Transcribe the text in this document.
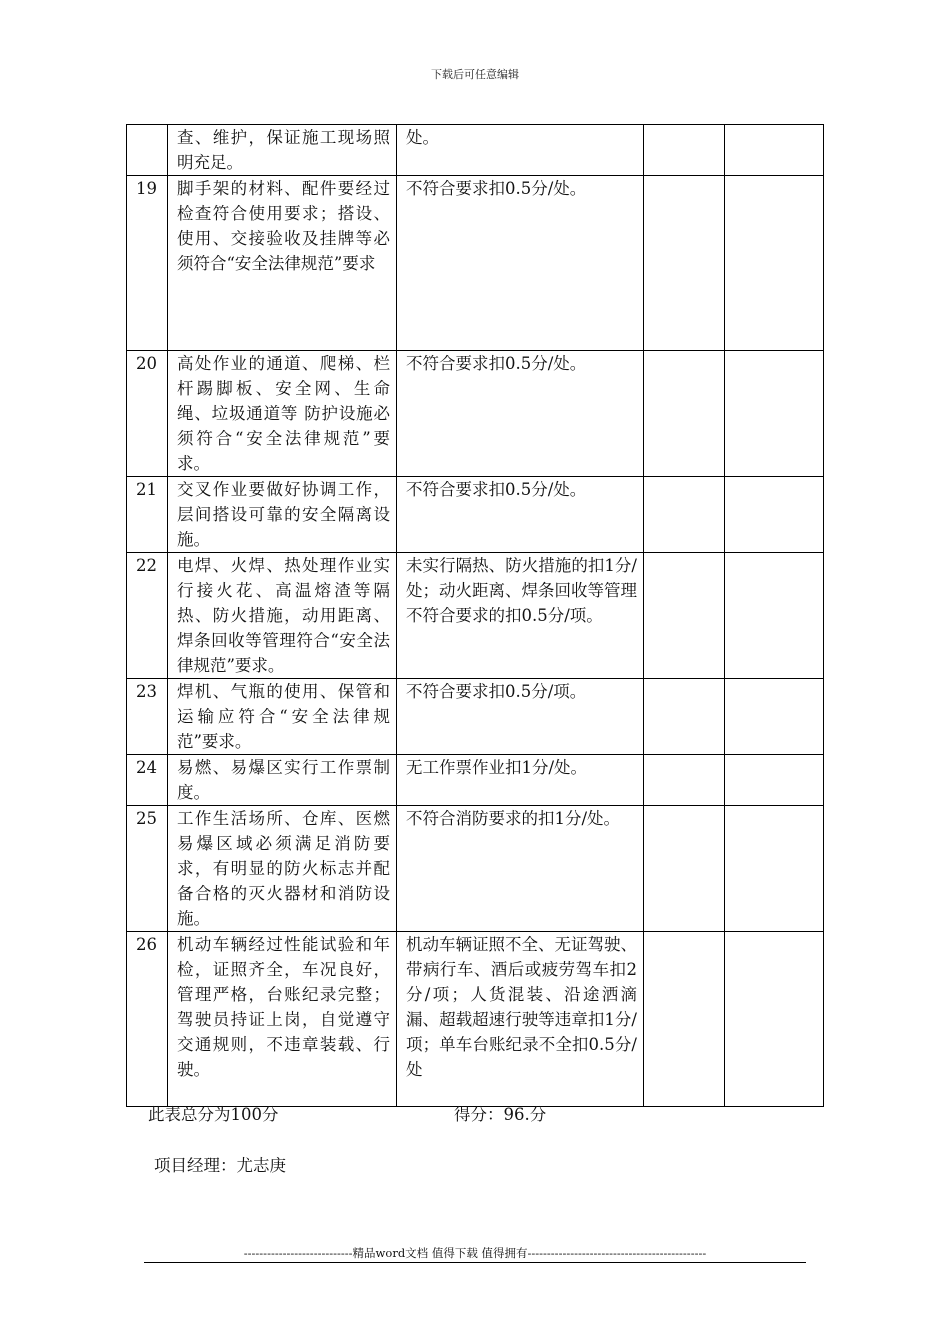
下载后可任意编辑
	查、维护，保证施工现场照明充足。	处。		
19	脚手架的材料、配件要经过检查符合使用要求；搭设、使用、交接验收及挂牌等必须符合“安全法律规范”要求	不符合要求扣0.5分/处。		
20	高处作业的通道、爬梯、栏杆踢脚板、安全网、生命绳、垃圾通道等 防护设施必须符合“安全法律规范”要求。	不符合要求扣0.5分/处。		
21	交叉作业要做好协调工作，层间搭设可靠的安全隔离设施。	不符合要求扣0.5分/处。		
22	电焊、火焊、热处理作业实行接火花、高温熔渣等隔热、防火措施，动用距离、焊条回收等管理符合“安全法律规范”要求。	未实行隔热、防火措施的扣1分/处；动火距离、焊条回收等管理不符合要求的扣0.5分/项。		
23	焊机、气瓶的使用、保管和运输应符合“安全法律规范”要求。	不符合要求扣0.5分/项。		
24	易燃、易爆区实行工作票制度。	无工作票作业扣1分/处。		
25	工作生活场所、仓库、医燃易爆区域必须满足消防要求，有明显的防火标志并配备合格的灭火器材和消防设施。	不符合消防要求的扣1分/处。		
26	机动车辆经过性能试验和年检，证照齐全，车况良好，管理严格，台账纪录完整；驾驶员持证上岗，自觉遵守交通规则，不违章装载、行驶。	机动车辆证照不全、无证驾驶、带病行车、酒后或疲劳驾车扣2分/项；人货混装、沿途洒滴漏、超载超速行驶等违章扣1分/项；单车台账纪录不全扣0.5分/处		
此表总分为100分	得分：96.分
项目经理：尤志庚
----------------------------精品word文档 值得下载 值得拥有----------------------------------------------
